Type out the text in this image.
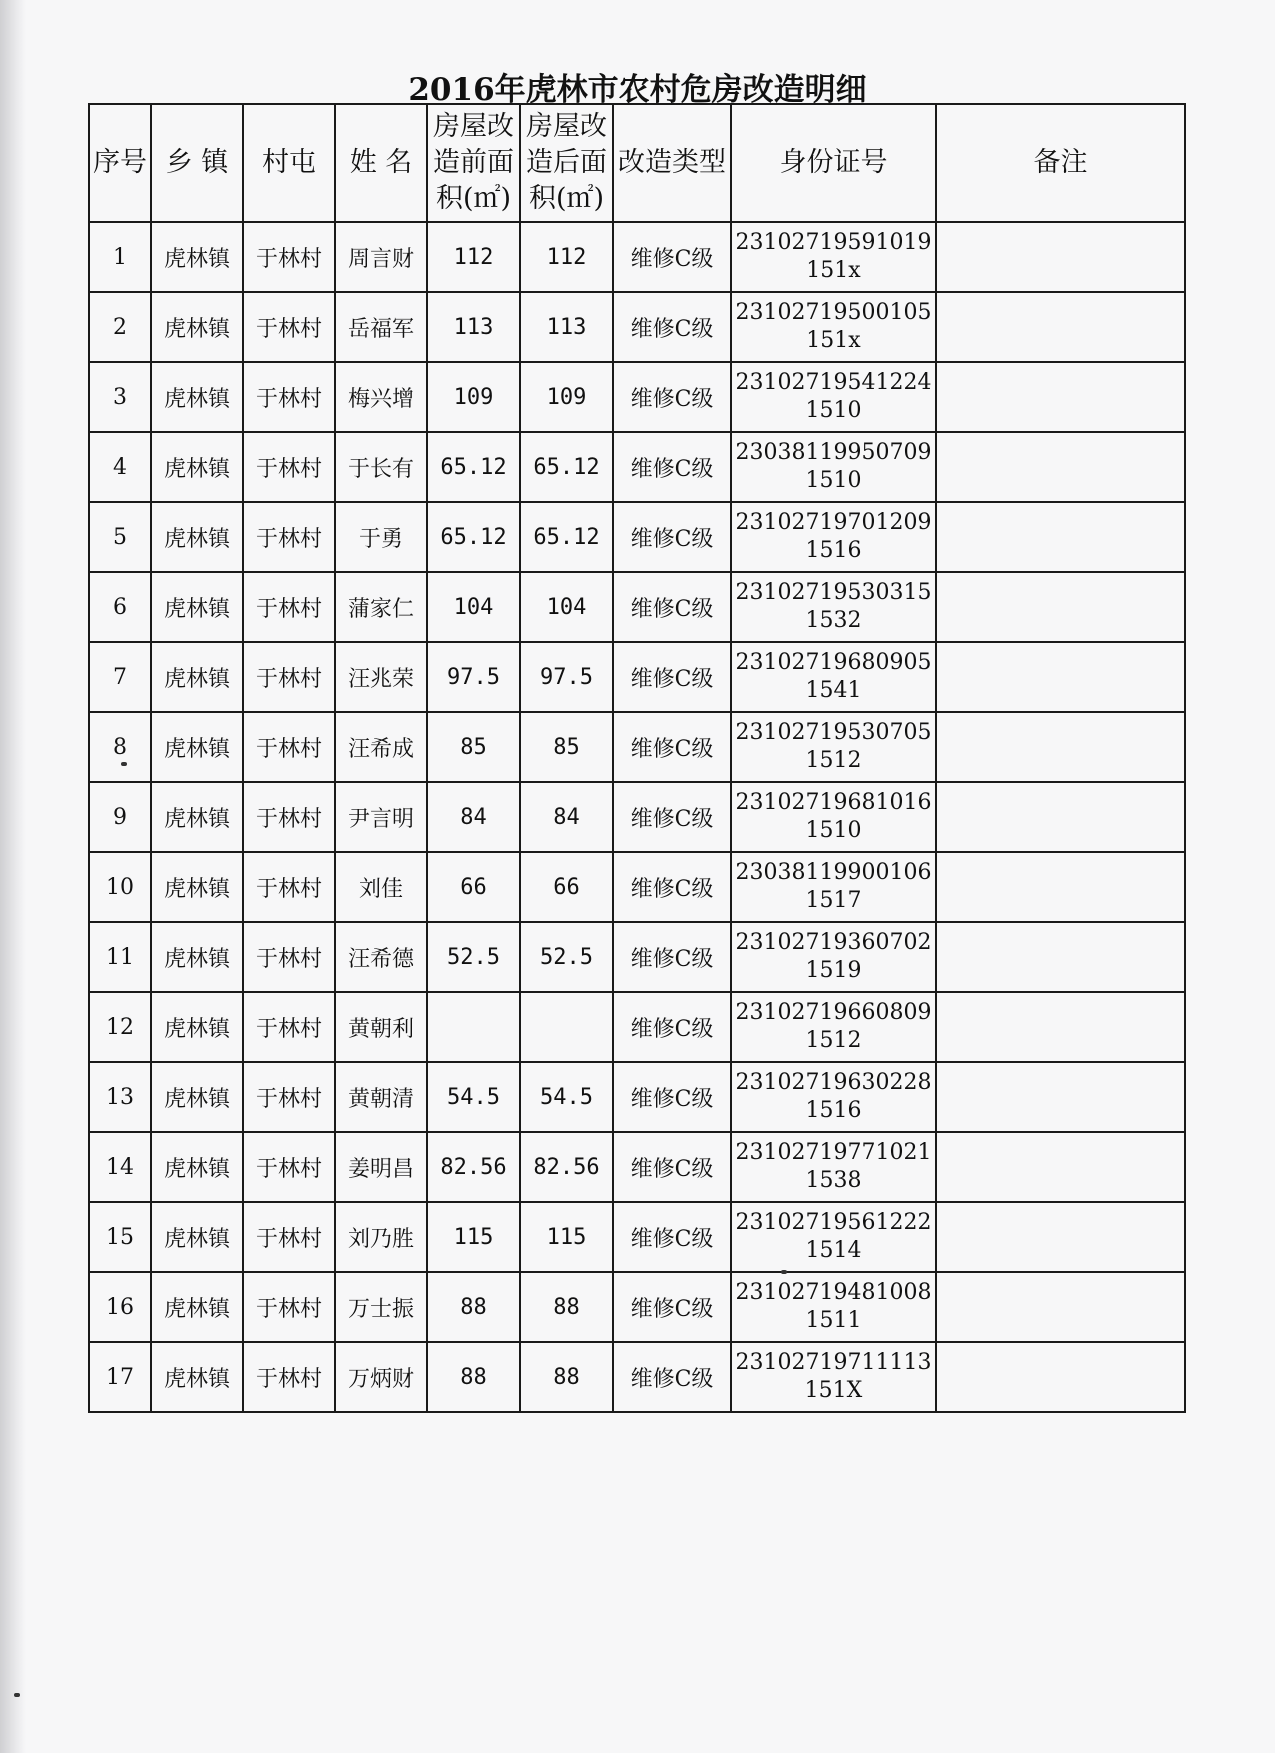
2016年虎林市农村危房改造明细
序号	乡 镇	村屯	姓 名	房屋改造前面积(㎡)	房屋改造后面积(㎡)	改造类型	身份证号	备注
1	虎林镇	于林村	周言财	112	112	维修C级	23102719591019151x	
2	虎林镇	于林村	岳福军	113	113	维修C级	23102719500105151x	
3	虎林镇	于林村	梅兴增	109	109	维修C级	231027195412241510	
4	虎林镇	于林村	于长有	65.12	65.12	维修C级	230381199507091510	
5	虎林镇	于林村	于勇	65.12	65.12	维修C级	231027197012091516	
6	虎林镇	于林村	蒲家仁	104	104	维修C级	231027195303151532	
7	虎林镇	于林村	汪兆荣	97.5	97.5	维修C级	231027196809051541	
8	虎林镇	于林村	汪希成	85	85	维修C级	231027195307051512	
9	虎林镇	于林村	尹言明	84	84	维修C级	231027196810161510	
10	虎林镇	于林村	刘佳	66	66	维修C级	230381199001061517	
11	虎林镇	于林村	汪希德	52.5	52.5	维修C级	231027193607021519	
12	虎林镇	于林村	黄朝利			维修C级	231027196608091512	
13	虎林镇	于林村	黄朝清	54.5	54.5	维修C级	231027196302281516	
14	虎林镇	于林村	姜明昌	82.56	82.56	维修C级	231027197710211538	
15	虎林镇	于林村	刘乃胜	115	115	维修C级	231027195612221514	
16	虎林镇	于林村	万士振	88	88	维修C级	231027194810081511	
17	虎林镇	于林村	万炳财	88	88	维修C级	23102719711113151X	
